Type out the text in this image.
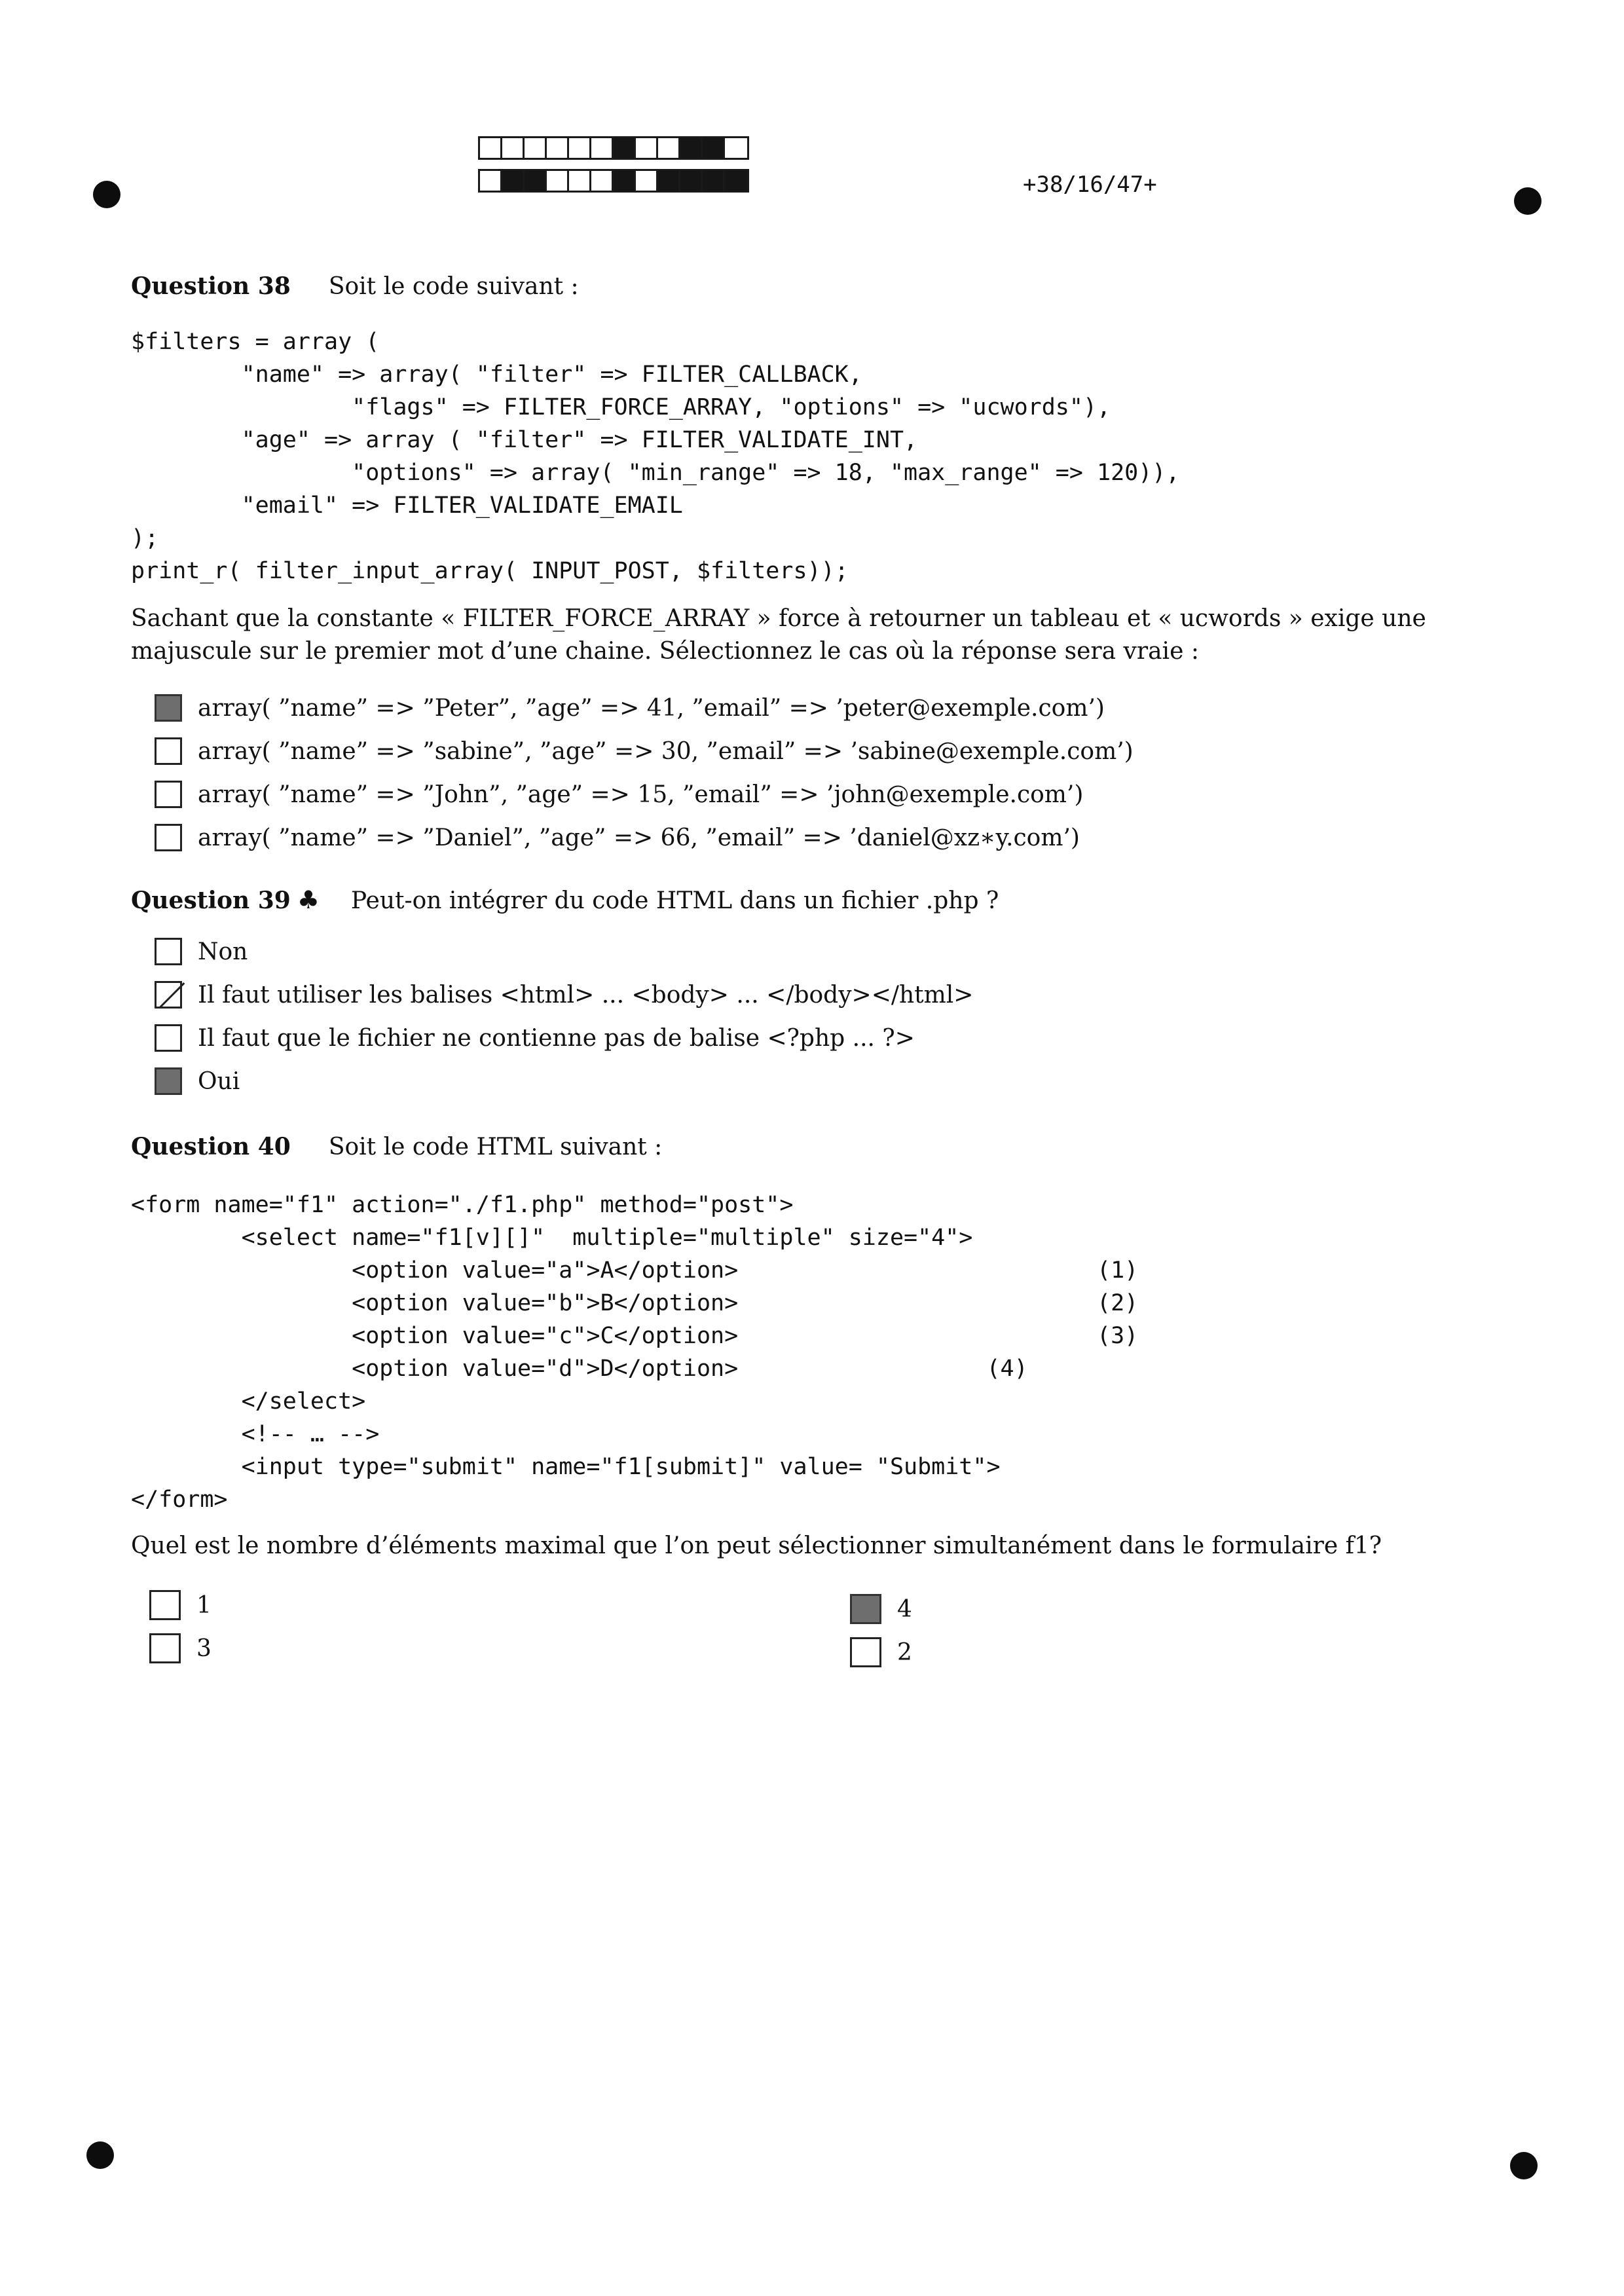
+38/16/47+
Question 38 Soit le code suivant :
$filters = array (
"name" => array( "filter" => FILTER_CALLBACK,
"flags" => FILTER_FORCE_ARRAY, "options" => "ucwords"),
"age" => array ( "filter" => FILTER_VALIDATE_INT,
"options" => array( "min_range" => 18, "max_range" => 120)),
"email" => FILTER_VALIDATE_EMAIL
);
print_r( filter_input_array( INPUT_POST, $filters));

Sachant que la constante « FILTER_FORCE_ARRAY » force à retourner un tableau et « ucwords » exige une majuscule sur le premier mot d’une chaine. Sélectionnez le cas où la réponse sera vraie :

array( ”name” => ”Peter”, ”age” => 41, ”email” => ’peter@exemple.com’)
array( ”name” => ”sabine”, ”age” => 30, ”email” => ’sabine@exemple.com’)
array( ”name” => ”John”, ”age” => 15, ”email” => ’john@exemple.com’)
array( ”name” => ”Daniel”, ”age” => 66, ”email” => ’daniel@xz∗y.com’)
Question 39 ♣ Peut-on intégrer du code HTML dans un fichier .php ?
Non
Il faut utiliser les balises <html> ... <body> ... </body></html>
Il faut que le fichier ne contienne pas de balise <?php ... ?>
Oui
Question 40 Soit le code HTML suivant :
<form name="f1" action="./f1.php" method="post">
<select name="f1[v][]"  multiple="multiple" size="4">
<option value="a">A</option>                          (1)
<option value="b">B</option>                          (2)
<option value="c">C</option>                          (3)
<option value="d">D</option>                  (4)
</select>
<!-- … -->
<input type="submit" name="f1[submit]" value= "Submit">
</form>

Quel est le nombre d’éléments maximal que l’on peut sélectionner simultanément dans le formulaire f1?

1
3
4
2
